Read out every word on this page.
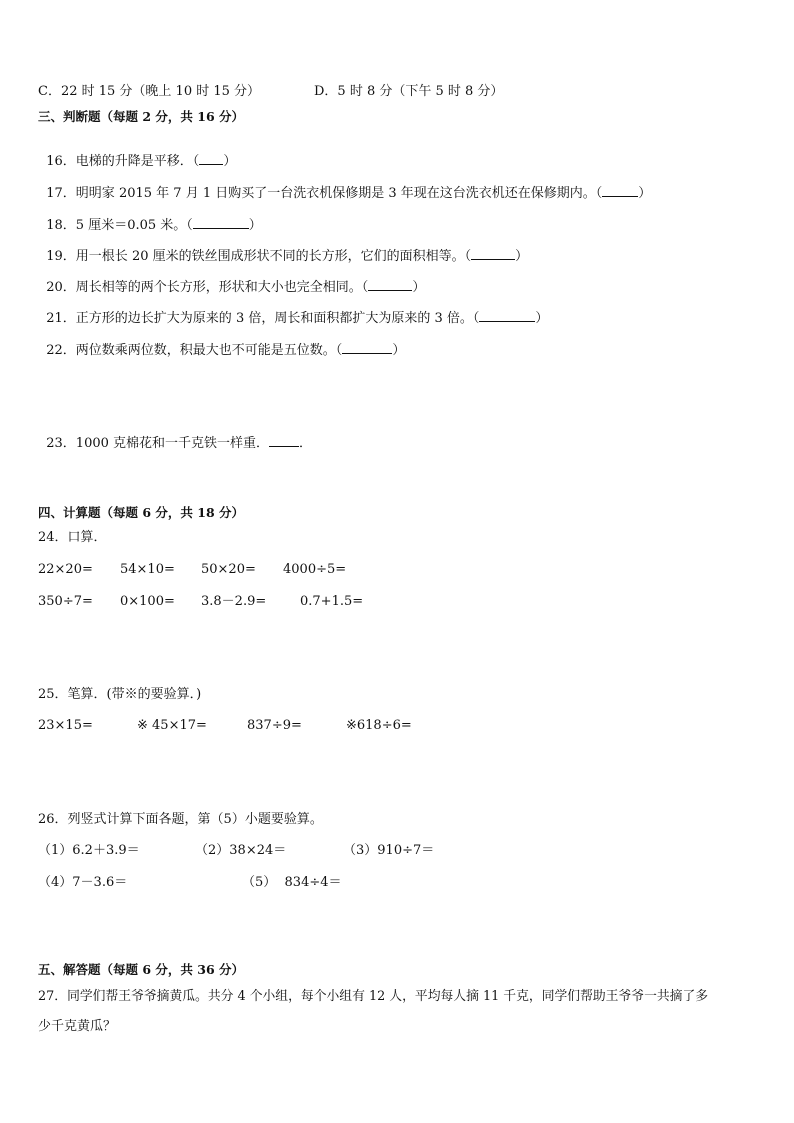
C．22 时 15 分（晚上 10 时 15 分）	D．5 时 8 分（下午 5 时 8 分）
三、判断题（每题 2 分，共 16 分）

16．电梯的升降是平移．（ ）

17．明明家 2015 年 7 月 1 日购买了一台洗衣机保修期是 3 年现在这台洗衣机还在保修期内。（	）

18．5 厘米＝0.05 米。（	）

19．用一根长 20 厘米的铁丝围成形状不同的长方形，它们的面积相等。（	）

20．周长相等的两个长方形，形状和大小也完全相同。（	）

21．正方形的边长扩大为原来的 3 倍，周长和面积都扩大为原来的 3 倍。（	）

22．两位数乘两位数，积最大也不可能是五位数。（	）

23．1000 克棉花和一千克铁一样重． ．

四、计算题（每题 6 分，共 18 分）
24．口算．
22×20= 54×10= 50×20= 4000÷5=
350÷7= 0×100= 3.8－2.9=	0.7+1.5=
25．笔算．(带※的要验算．)
23×15=	※ 45×17=	837÷9=	※618÷6=
26．列竖式计算下面各题，第（5）小题要验算。
（1）6.2＋3.9＝	（2）38×24＝	（3）910÷7＝
（4）7－3.6＝	（5）  834÷4＝
五、解答题（每题 6 分，共 36 分）
27．同学们帮王爷爷摘黄瓜。共分 4 个小组，每个小组有 12 人，平均每人摘 11 千克，同学们帮助王爷爷一共摘了多
少千克黄瓜？
